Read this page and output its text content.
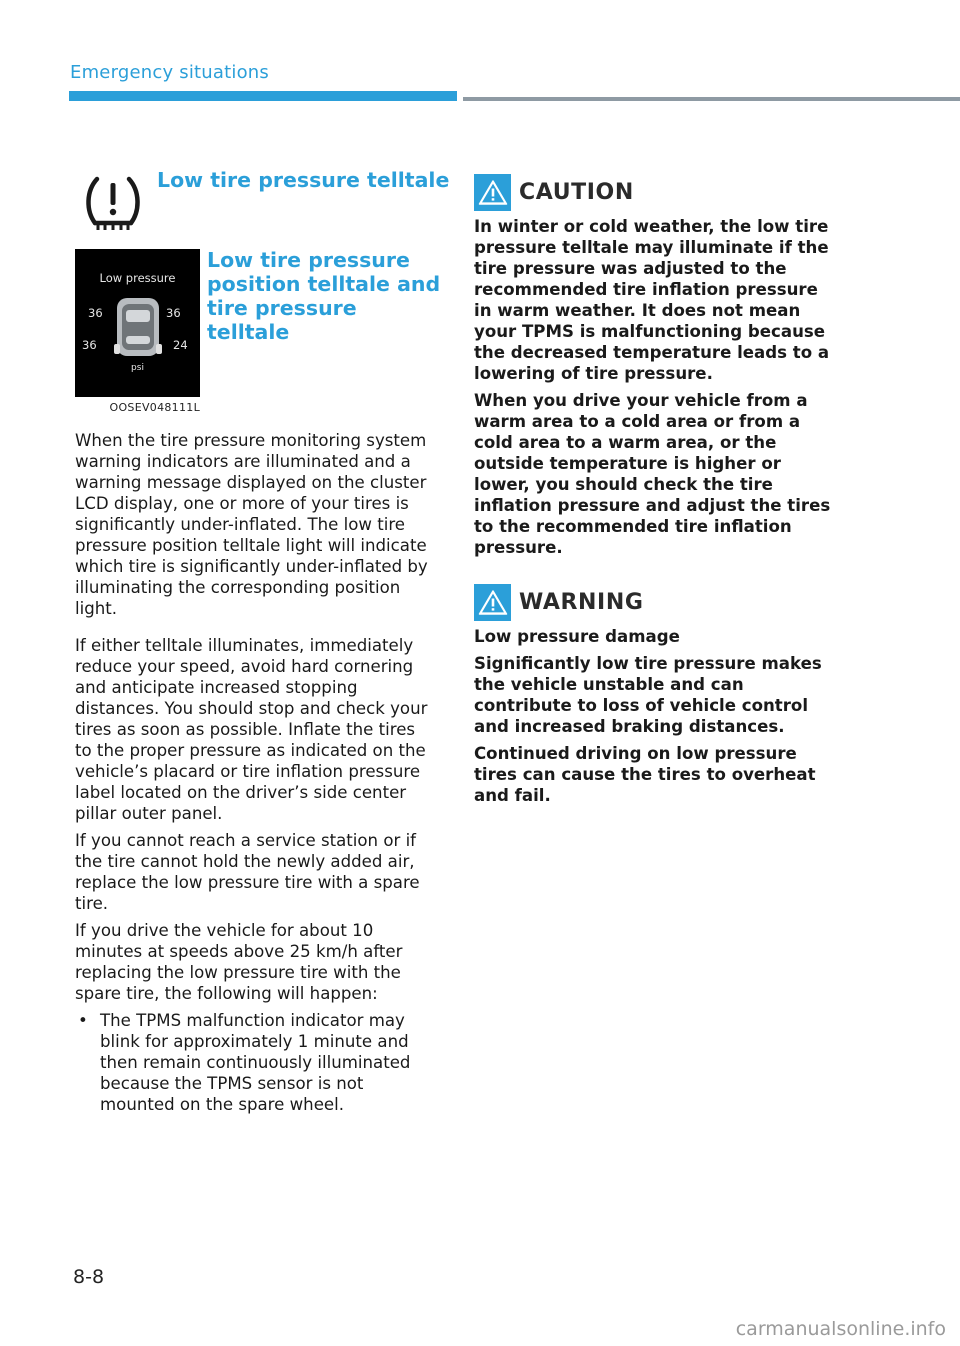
Emergency situations
Low tire pressure telltale
Low pressure
36	36
36	24
psi
OOSEV048111L
Low tire pressure position telltale and tire pressure telltale

When the tire pressure monitoring system warning indicators are illuminated and a warning message displayed on the cluster LCD display, one or more of your tires is significantly under-inflated. The low tire pressure position telltale light will indicate which tire is significantly under-inflated by illuminating the corresponding position light.

If either telltale illuminates, immediately reduce your speed, avoid hard cornering and anticipate increased stopping distances. You should stop and check your tires as soon as possible. Inflate the tires to the proper pressure as indicated on the vehicle’s placard or tire inflation pressure label located on the driver’s side center pillar outer panel.

If you cannot reach a service station or if the tire cannot hold the newly added air, replace the low pressure tire with a spare tire.

If you drive the vehicle for about 10 minutes at speeds above 25 km/h after replacing the low pressure tire with the spare tire, the following will happen:

• The TPMS malfunction indicator may blink for approximately 1 minute and then remain continuously illuminated because the TPMS sensor is not mounted on the spare wheel.
CAUTION

In winter or cold weather, the low tire pressure telltale may illuminate if the tire pressure was adjusted to the recommended tire inflation pressure in warm weather. It does not mean your TPMS is malfunctioning because the decreased temperature leads to a lowering of tire pressure.

When you drive your vehicle from a warm area to a cold area or from a cold area to a warm area, or the outside temperature is higher or lower, you should check the tire inflation pressure and adjust the tires to the recommended tire inflation pressure.

WARNING

Low pressure damage

Significantly low tire pressure makes the vehicle unstable and can contribute to loss of vehicle control and increased braking distances.

Continued driving on low pressure tires can cause the tires to overheat and fail.

8-8
carmanualsonline.info
